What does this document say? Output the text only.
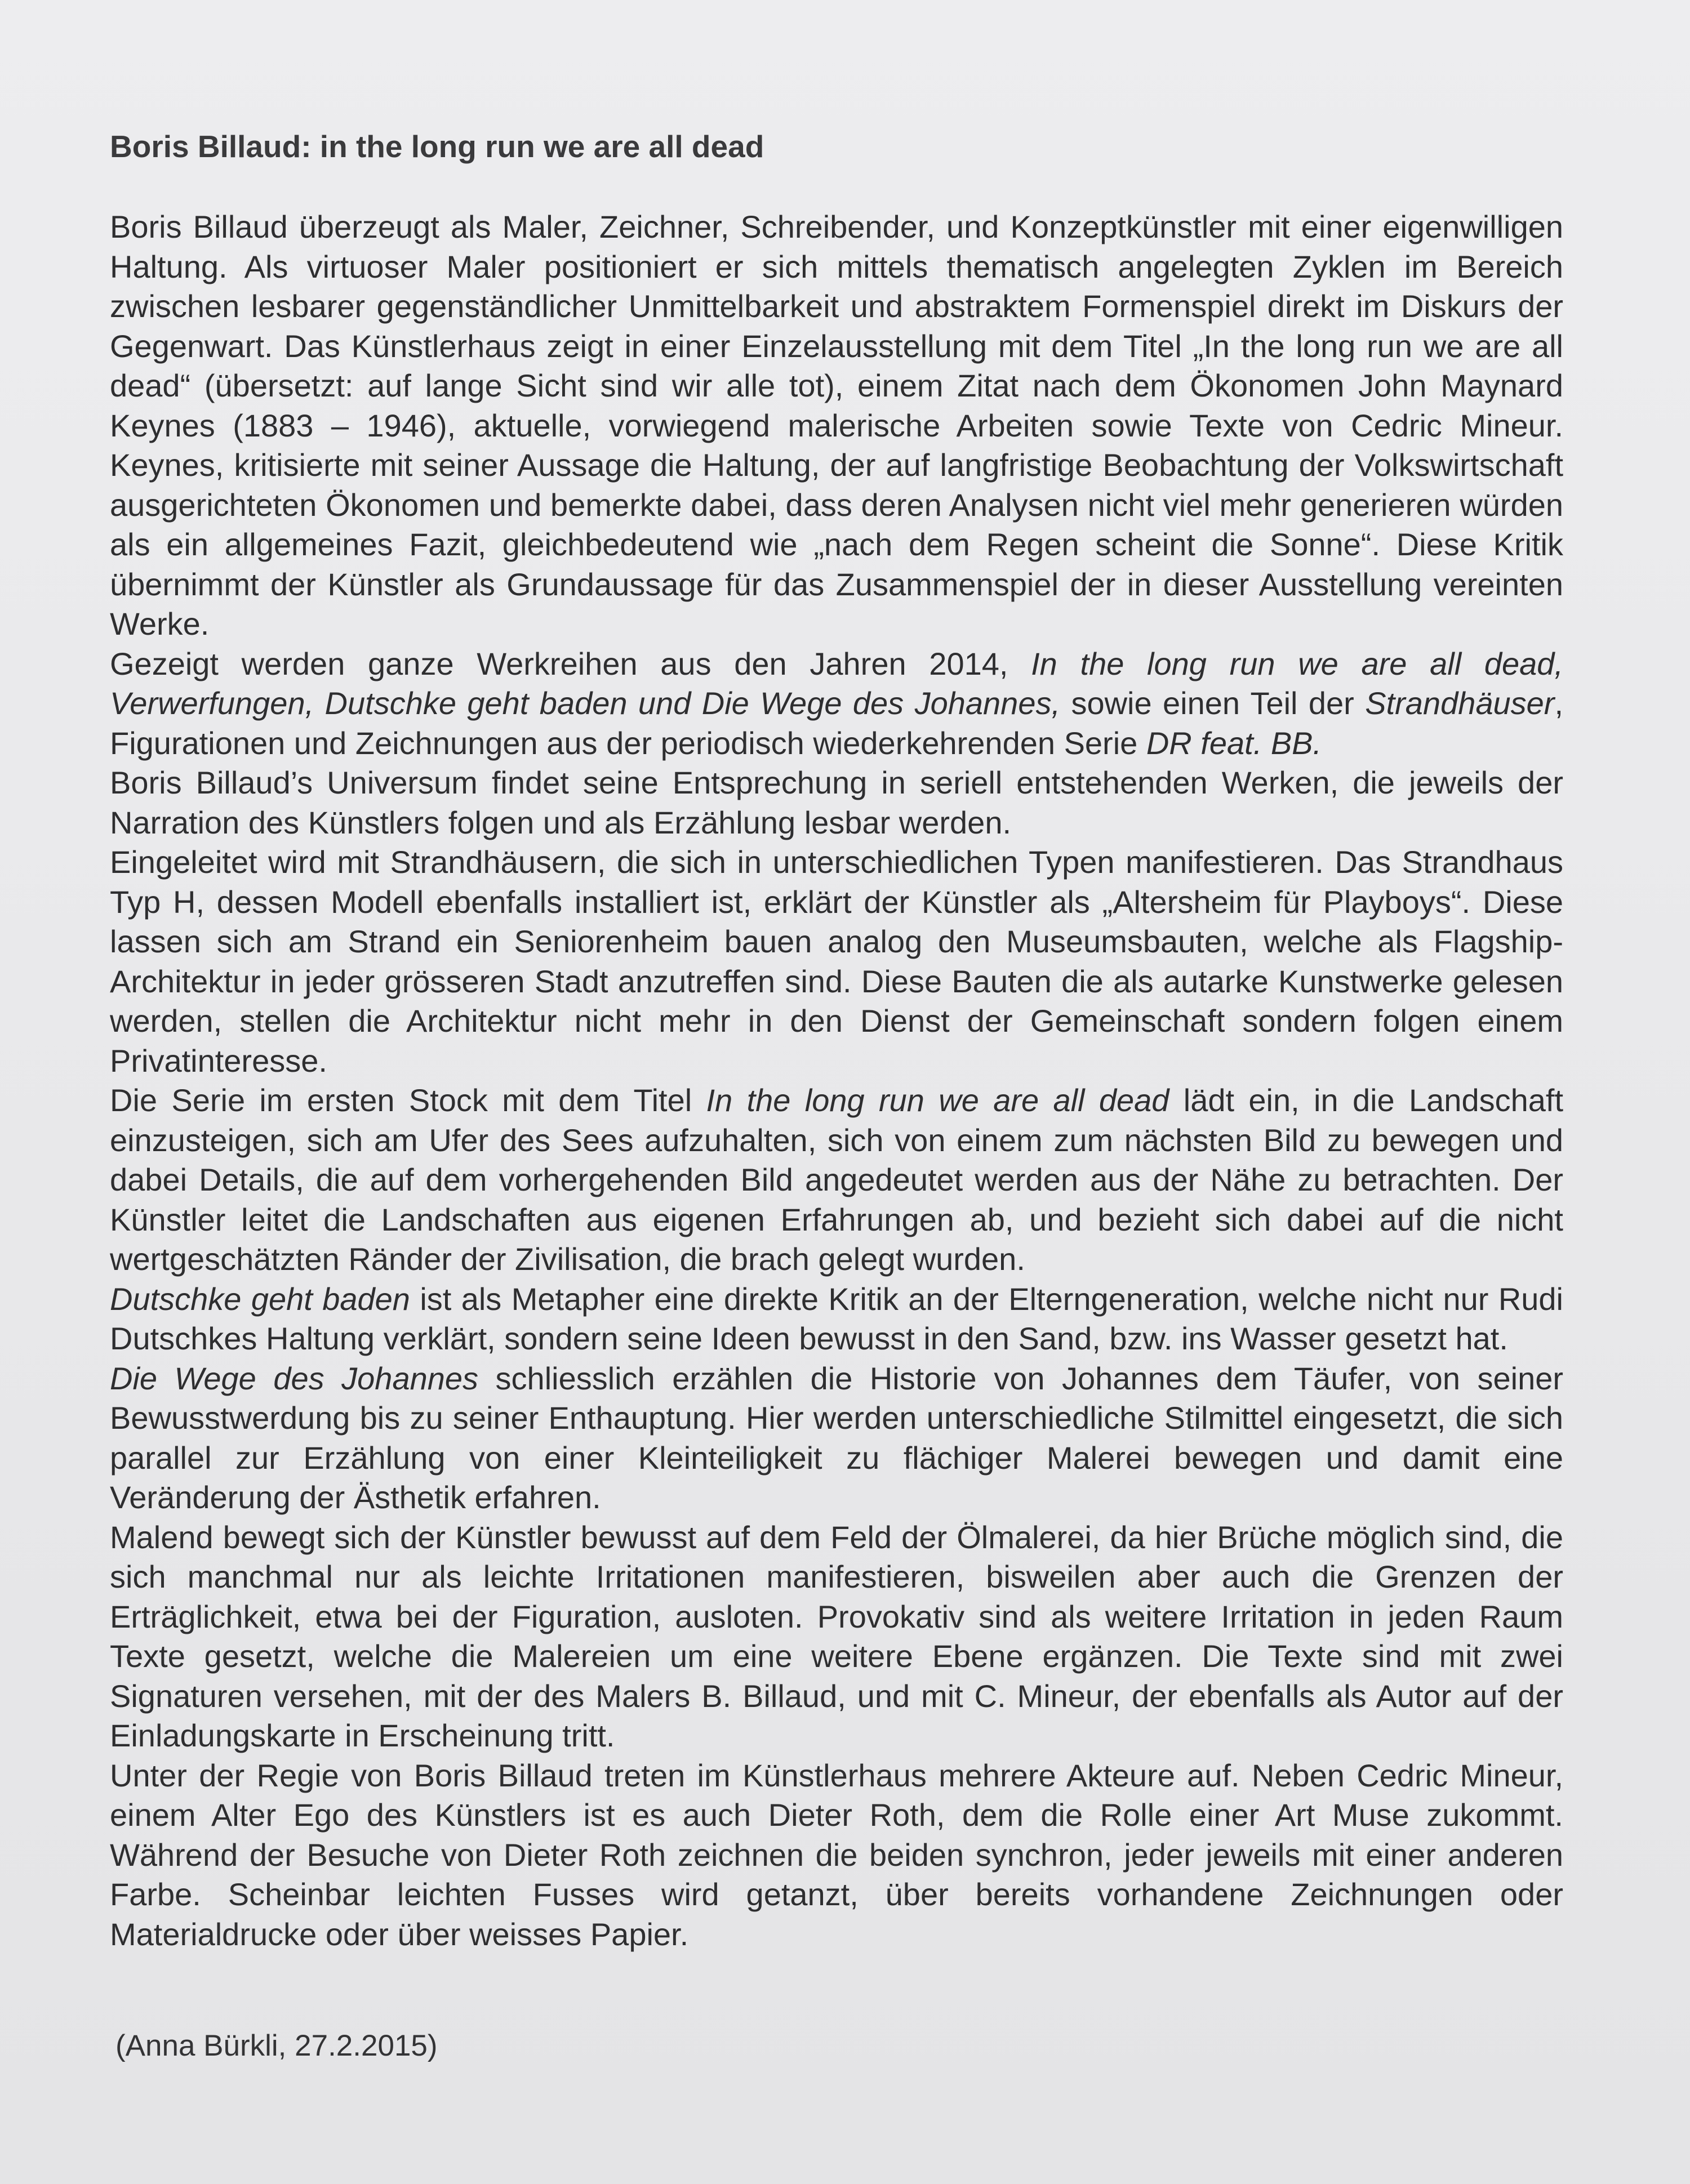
Boris Billaud: in the long run we are all dead

Boris Billaud überzeugt als Maler, Zeichner, Schreibender, und Konzeptkünstler mit einer eigenwilligen Haltung. Als virtuoser Maler positioniert er sich mittels thematisch angelegten Zyklen im Bereich zwischen lesbarer gegenständlicher Unmittelbarkeit und abstraktem Formenspiel direkt im Diskurs der Gegenwart. Das Künstlerhaus zeigt in einer Einzelausstellung mit dem Titel „In the long run we are all dead“ (übersetzt: auf lange Sicht sind wir alle tot), einem Zitat nach dem Ökonomen John Maynard Keynes (1883 – 1946), aktuelle, vorwiegend malerische Arbeiten sowie Texte von Cedric Mineur. Keynes, kritisierte mit seiner Aussage die Haltung, der auf langfristige Beobachtung der Volkswirtschaft ausgerichteten Ökonomen und bemerkte dabei, dass deren Analysen nicht viel mehr generieren würden als ein allgemeines Fazit, gleichbedeutend wie „nach dem Regen scheint die Sonne“. Diese Kritik übernimmt der Künstler als Grundaussage für das Zusammenspiel der in dieser Ausstellung vereinten Werke.

Gezeigt werden ganze Werkreihen aus den Jahren 2014, In the long run we are all dead, Verwerfungen, Dutschke geht baden und Die Wege des Johannes, sowie einen Teil der Strandhäuser, Figurationen und Zeichnungen aus der periodisch wiederkehrenden Serie DR feat. BB.

Boris Billaud’s Universum findet seine Entsprechung in seriell entstehenden Werken, die jeweils der Narration des Künstlers folgen und als Erzählung lesbar werden.

Eingeleitet wird mit Strandhäusern, die sich in unterschiedlichen Typen manifestieren. Das Strandhaus Typ H, dessen Modell ebenfalls installiert ist, erklärt der Künstler als „Altersheim für Playboys“. Diese lassen sich am Strand ein Seniorenheim bauen analog den Museumsbauten, welche als Flagship-Architektur in jeder grösseren Stadt anzutreffen sind. Diese Bauten die als autarke Kunstwerke gelesen werden, stellen die Architektur nicht mehr in den Dienst der Gemeinschaft sondern folgen einem Privatinteresse.

Die Serie im ersten Stock mit dem Titel In the long run we are all dead lädt ein, in die Landschaft einzusteigen, sich am Ufer des Sees aufzuhalten, sich von einem zum nächsten Bild zu bewegen und dabei Details, die auf dem vorhergehenden Bild angedeutet werden aus der Nähe zu betrachten. Der Künstler leitet die Landschaften aus eigenen Erfahrungen ab, und bezieht sich dabei auf die nicht wertgeschätzten Ränder der Zivilisation, die brach gelegt wurden.

Dutschke geht baden ist als Metapher eine direkte Kritik an der Elterngeneration, welche nicht nur Rudi Dutschkes Haltung verklärt, sondern seine Ideen bewusst in den Sand, bzw. ins Wasser gesetzt hat.

Die Wege des Johannes schliesslich erzählen die Historie von Johannes dem Täufer, von seiner Bewusstwerdung bis zu seiner Enthauptung. Hier werden unterschiedliche Stilmittel eingesetzt, die sich parallel zur Erzählung von einer Kleinteiligkeit zu flächiger Malerei bewegen und damit eine Veränderung der Ästhetik erfahren.

Malend bewegt sich der Künstler bewusst auf dem Feld der Ölmalerei, da hier Brüche möglich sind, die sich manchmal nur als leichte Irritationen manifestieren, bisweilen aber auch die Grenzen der Erträglichkeit, etwa bei der Figuration, ausloten. Provokativ sind als weitere Irritation in jeden Raum Texte gesetzt, welche die Malereien um eine weitere Ebene ergänzen. Die Texte sind mit zwei Signaturen versehen, mit der des Malers B. Billaud, und mit C. Mineur, der ebenfalls als Autor auf der Einladungskarte in Erscheinung tritt.

Unter der Regie von Boris Billaud treten im Künstlerhaus mehrere Akteure auf. Neben Cedric Mineur, einem Alter Ego des Künstlers ist es auch Dieter Roth, dem die Rolle einer Art Muse zukommt. Während der Besuche von Dieter Roth zeichnen die beiden synchron, jeder jeweils mit einer anderen Farbe. Scheinbar leichten Fusses wird getanzt, über bereits vorhandene Zeichnungen oder Materialdrucke oder über weisses Papier.

(Anna Bürkli, 27.2.2015)
